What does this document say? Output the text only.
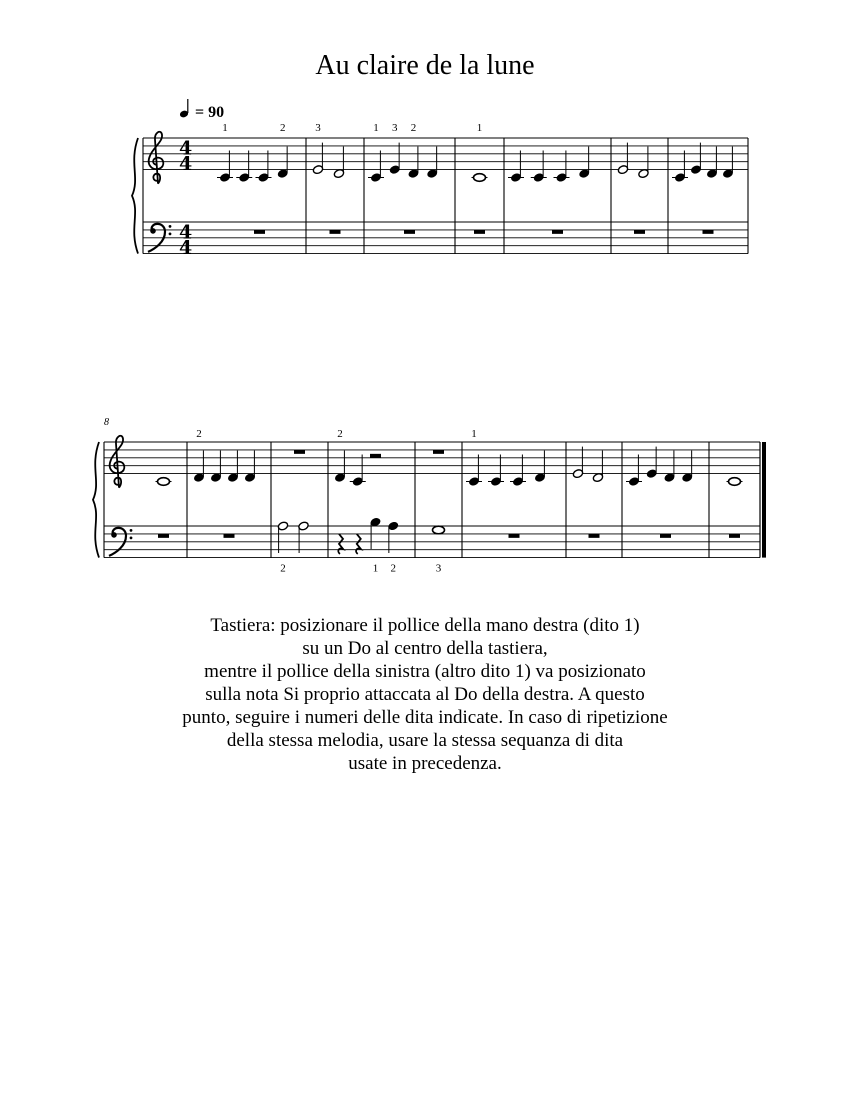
Au claire de la lune
= 90
8
4
4
4
4
1	2	3	1 3 2	1
2	2	1
2	1 2	3
Tastiera: posizionare il pollice della mano destra (dito 1)
su un Do al centro della tastiera,
mentre il pollice della sinistra (altro dito 1) va posizionato
sulla nota Si proprio attaccata al Do della destra. A questo
punto, seguire i numeri delle dita indicate. In caso di ripetizione
della stessa melodia, usare la stessa sequanza di dita
usate in precedenza.
